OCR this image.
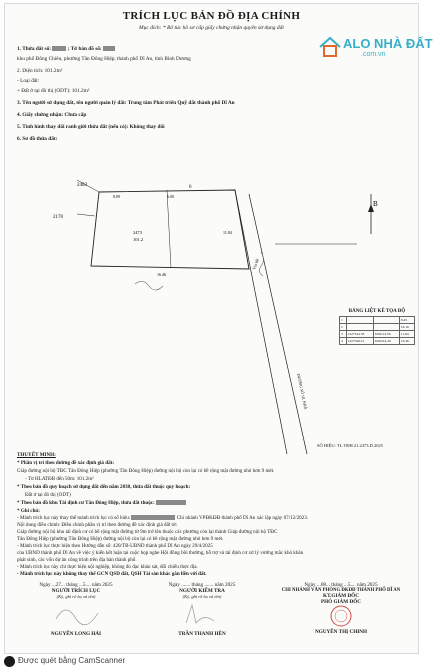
TRÍCH LỤC BẢN ĐỒ ĐỊA CHÍNH
Mục đích: * Bổ túc hồ sơ cấp giấy chứng nhận quyền sử dụng đất
ALO NHÀ ĐẤT
.com.vn
1. Thửa đất số:	; Tờ bản đồ số:
khu phố Đông Chiêu, phường Tân Đông Hiệp, thành phố Dĩ An, tỉnh Bình Dương
2. Diện tích: 101.2m²
- Loại đất:
+ Đất ở tại đô thị (ODT): 101.2m²
3. Tên người sử dụng đất, tên người quản lý đất: Trung tâm Phát triển Quỹ đất thành phố Dĩ An
4. Giấy chứng nhận: Chưa cấp
5. Tình hình thay đổi ranh giới thửa đất (nếu có): Không thay đổi
6. Sơ đồ thửa đất:
B
2403
2170
8.09	6.00
6
11.84
16.46
2473
101.2
Vỉa Hè
ĐƯỜNG SỐ 18, NHÀ
BẢNG LIỆT KÊ TỌA ĐỘ
1			8.45
2			16.16
3	1227544.78	8.06114.56	11.84
4	1227546.21	8.06414.40	16.46
THUYẾT MINH:
* Phần vị trí theo đường đề xác định giá đất:
Giáp đường nội bộ TĐC Tân Đông Hiệp (phường Tân Đông Hiệp) đường nội bộ còn lại có bề rộng mặt đường nhỏ hơn 9 mét.
- Từ HLATĐB đến 50m: 101.2m²
* Theo bản đồ quy hoạch sử dụng đất đến năm 2030, thửa đất thuộc quy hoạch:
Đất ở tại đô thị (ODT)
* Theo bản đồ khu Tái định cư Tân Đông Hiệp, thửa đất thuộc:
* Ghi chú:
- Mảnh trích lục này thay thế mảnh trích lục có số hiệu:	Chi nhánh VPĐKĐĐ thành phố Dĩ An xác lập ngày 07/12/2023.
Nội dung điều chỉnh: Điều chỉnh phần vị trí theo đường đề xác định giá đất từ:
Giáp đường nội bộ khu tái định cư có bề rộng mặt đường từ 9m trở lên thuộc các phường còn lại thành Giáp đường nội bộ TĐC
Tân Đông Hiệp (phường Tân Đông Hiệp) đường nội bộ còn lại có bề rộng mặt đường nhỏ hơn 9 mét.
- Mảnh trích lục thực hiện theo Hướng dẫn số: 420/TB-UBND thành phố Dĩ An ngày 29/4/2025
của UBND thành phố Dĩ An về việc ý kiến kết luận tại cuộc họp nghe Hội đồng bồi thường, hỗ trợ và tái định cư xử lý vướng mắc khó khăn
phát sinh, các vốn dự án công trình trên địa bàn thành phố.
- Mảnh trích lục này chỉ thực hiện nội nghiệp, không đo đạc khảo sát, đối chiếu thực địa.
- Mảnh trích lục này không thay thế GCN QSD đất, QSH Tài sản khác gắn liền với đất.
SỐ HIỆU: TL.TĐH.21.2473.D.2025
Ngày ...27... tháng ...5.... năm 2025
NGƯỜI TRÍCH LỤC
(Ký, ghi rõ họ và tên)
NGUYỄN LONG HẢI
Ngày ....... tháng ....... năm 2025
NGƯỜI KIỂM TRA
(Ký, ghi rõ họ và tên)
TRẦN THANH HÊN
Ngày ...08... tháng ...5.... năm 2025
CHI NHÁNH VĂN PHÒNG ĐKĐĐ THÀNH PHỐ DĨ AN
KT.GIÁM ĐỐC
PHÓ GIÁM ĐỐC
NGUYỄN THỊ CHINH
Được quét bằng CamScanner
